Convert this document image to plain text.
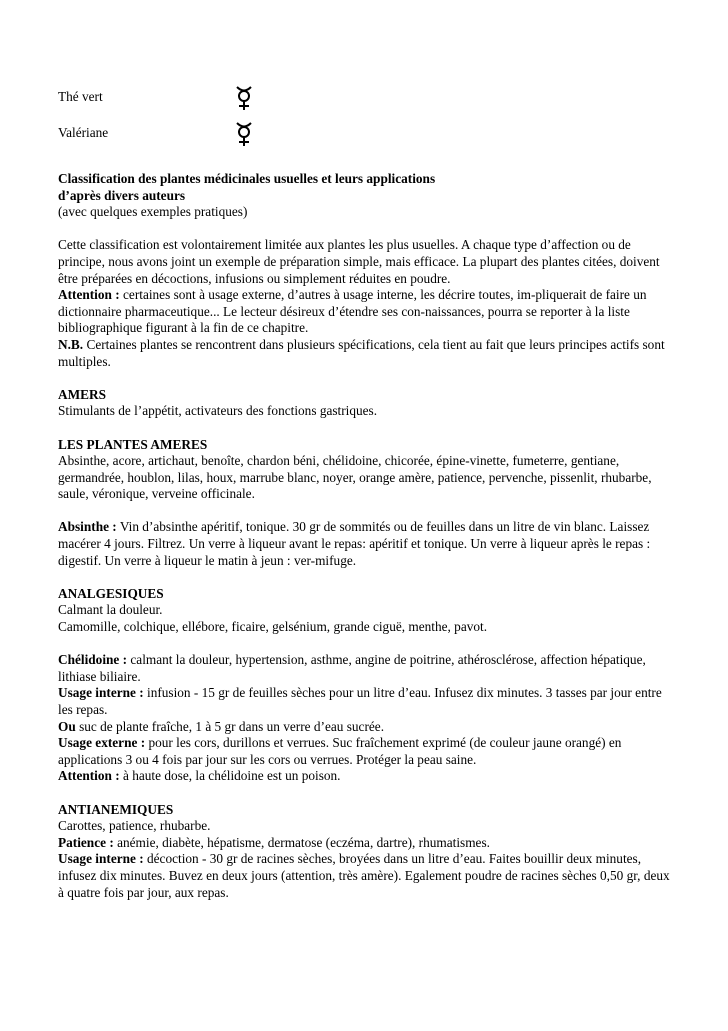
Thé vert
Valériane

Classification des plantes médicinales usuelles et leurs applications

d’après divers auteurs

(avec quelques exemples pratiques)

Cette classification est volontairement limitée aux plantes les plus usuelles. A chaque type d’affection ou de principe, nous avons joint un exemple de préparation simple, mais efficace. La plupart des plantes citées, doivent être préparées en décoctions, infusions ou simplement réduites en poudre.

Attention : certaines sont à usage externe, d’autres à usage interne, les décrire toutes, im-pliquerait de faire un dictionnaire pharmaceutique... Le lecteur désireux d’étendre ses con-naissances, pourra se reporter à la liste bibliographique figurant à la fin de ce chapitre.

N.B. Certaines plantes se rencontrent dans plusieurs spécifications, cela tient au fait que leurs principes actifs sont multiples.

AMERS

Stimulants de l’appétit, activateurs des fonctions gastriques.

LES PLANTES AMERES

Absinthe, acore, artichaut, benoîte, chardon béni, chélidoine, chicorée, épine-vinette, fumeterre, gentiane, germandrée, houblon, lilas, houx, marrube blanc, noyer, orange amère, patience, pervenche, pissenlit, rhubarbe, saule, véronique, verveine officinale.

Absinthe : Vin d’absinthe apéritif, tonique. 30 gr de sommités ou de feuilles dans un litre de vin blanc. Laissez macérer 4 jours. Filtrez. Un verre à liqueur avant le repas: apéritif et tonique. Un verre à liqueur après le repas : digestif. Un verre à liqueur le matin à jeun : ver-mifuge.

ANALGESIQUES

Calmant la douleur.

Camomille, colchique, ellébore, ficaire, gelsénium, grande ciguë, menthe, pavot.

Chélidoine : calmant la douleur, hypertension, asthme, angine de poitrine, athérosclérose, affection hépatique, lithiase biliaire.

Usage interne : infusion - 15 gr de feuilles sèches pour un litre d’eau. Infusez dix minutes. 3 tasses par jour entre les repas.

Ou suc de plante fraîche, 1 à 5 gr dans un verre d’eau sucrée.

Usage externe : pour les cors, durillons et verrues. Suc fraîchement exprimé (de couleur jaune orangé) en applications 3 ou 4 fois par jour sur les cors ou verrues. Protéger la peau saine.

Attention : à haute dose, la chélidoine est un poison.

ANTIANEMIQUES

Carottes, patience, rhubarbe.

Patience : anémie, diabète, hépatisme, dermatose (eczéma, dartre), rhumatismes.

Usage interne : décoction - 30 gr de racines sèches, broyées dans un litre d’eau. Faites bouillir deux minutes, infusez dix minutes. Buvez en deux jours (attention, très amère). Egalement poudre de racines sèches 0,50 gr, deux à quatre fois par jour, aux repas.
